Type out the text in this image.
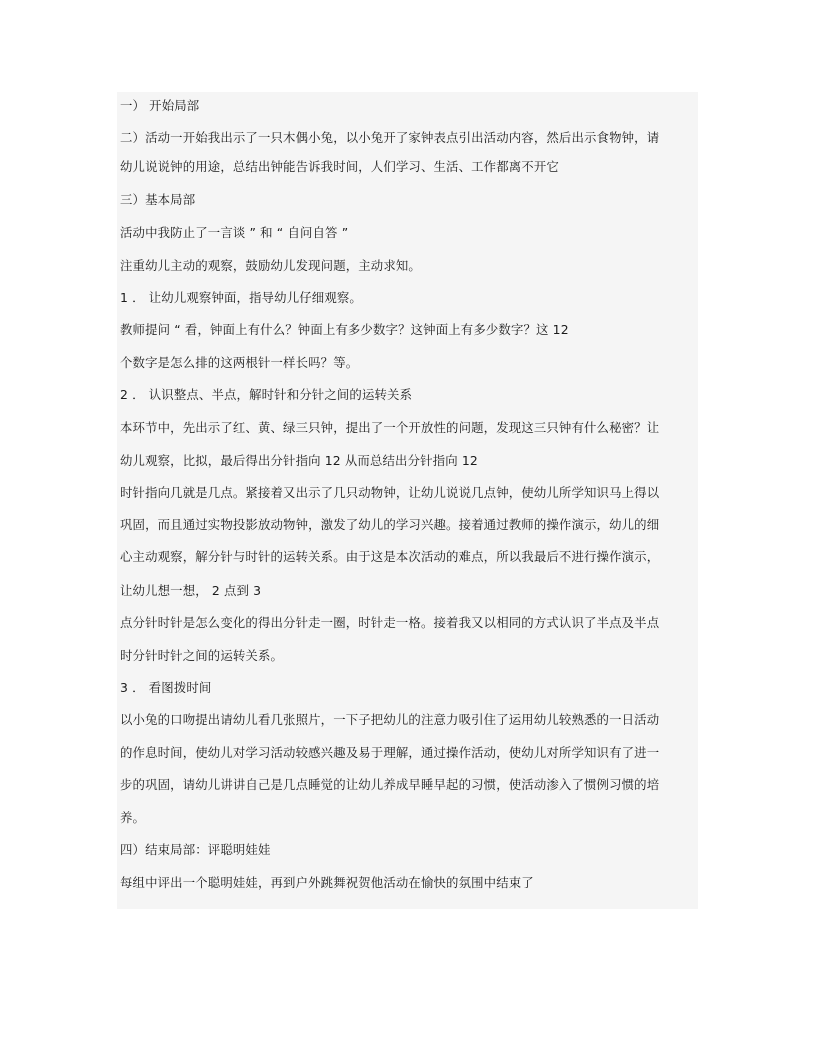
一） 开始局部
二）活动一开始我出示了一只木偶小兔，以小兔开了家钟表点引出活动内容，然后出示食物钟，请
幼儿说说钟的用途，总结出钟能告诉我时间，人们学习、生活、工作都离不开它
三）基本局部
活动中我防止了一言谈 ” 和 “ 自问自答 ”
注重幼儿主动的观察，鼓励幼儿发现问题，主动求知。
1 ． 让幼儿观察钟面，指导幼儿仔细观察。
教师提问 “ 看，钟面上有什么？钟面上有多少数字？这钟面上有多少数字？这 12
个数字是怎么排的这两根针一样长吗？等。
2 ． 认识整点、半点，解时针和分针之间的运转关系
本环节中，先出示了红、黄、绿三只钟，提出了一个开放性的问题，发现这三只钟有什么秘密？让
幼儿观察，比拟，最后得出分针指向 12 从而总结出分针指向 12
时针指向几就是几点。紧接着又出示了几只动物钟，让幼儿说说几点钟，使幼儿所学知识马上得以
巩固，而且通过实物投影放动物钟，激发了幼儿的学习兴趣。接着通过教师的操作演示，幼儿的细
心主动观察，解分针与时针的运转关系。由于这是本次活动的难点，所以我最后不进行操作演示，
让幼儿想一想， 2 点到 3
点分针时针是怎么变化的得出分针走一圈，时针走一格。接着我又以相同的方式认识了半点及半点
时分针时针之间的运转关系。
3 ． 看图拨时间
以小兔的口吻提出请幼儿看几张照片，一下子把幼儿的注意力吸引住了运用幼儿较熟悉的一日活动
的作息时间，使幼儿对学习活动较感兴趣及易于理解，通过操作活动，使幼儿对所学知识有了进一
步的巩固，请幼儿讲讲自己是几点睡觉的让幼儿养成早睡早起的习惯，使活动渗入了惯例习惯的培
养。
四）结束局部：评聪明娃娃
每组中评出一个聪明娃娃，再到户外跳舞祝贺他活动在愉快的氛围中结束了
